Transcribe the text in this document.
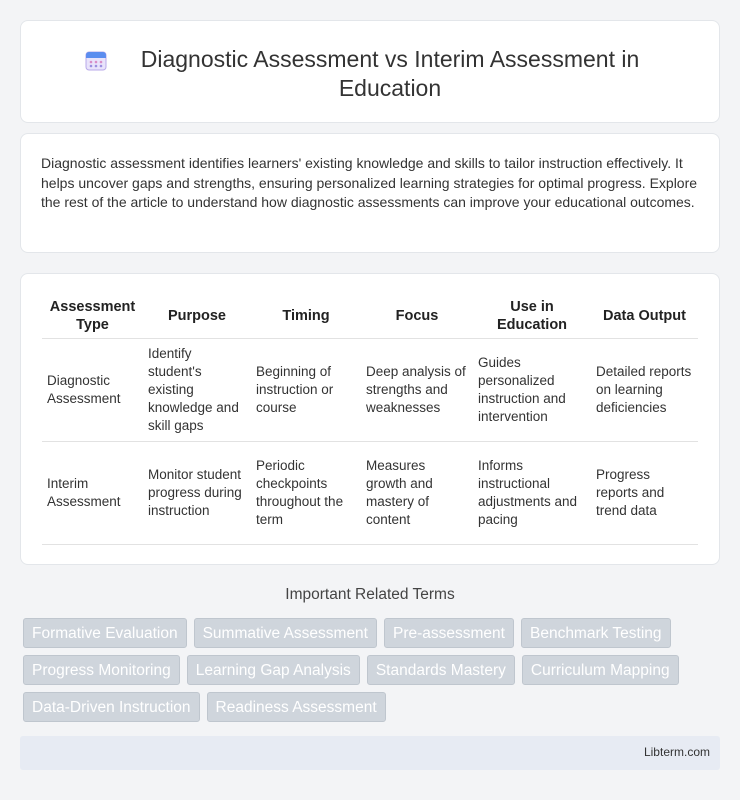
Diagnostic Assessment vs Interim Assessment in Education

Diagnostic assessment identifies learners' existing knowledge and skills to tailor instruction effectively. It helps uncover gaps and strengths, ensuring personalized learning strategies for optimal progress. Explore the rest of the article to understand how diagnostic assessments can improve your educational outcomes.

Assessment Type	Purpose	Timing	Focus	Use in Education	Data Output
Diagnostic Assessment	Identify student's existing knowledge and skill gaps	Beginning of instruction or course	Deep analysis of strengths and weaknesses	Guides personalized instruction and intervention	Detailed reports on learning deficiencies
Interim Assessment	Monitor student progress during instruction	Periodic checkpoints throughout the term	Measures growth and mastery of content	Informs instructional adjustments and pacing	Progress reports and trend data
Important Related Terms
Formative Evaluation	Summative Assessment	Pre-assessment	Benchmark Testing
Progress Monitoring	Learning Gap Analysis	Standards Mastery	Curriculum Mapping
Data-Driven Instruction	Readiness Assessment
Libterm.com
